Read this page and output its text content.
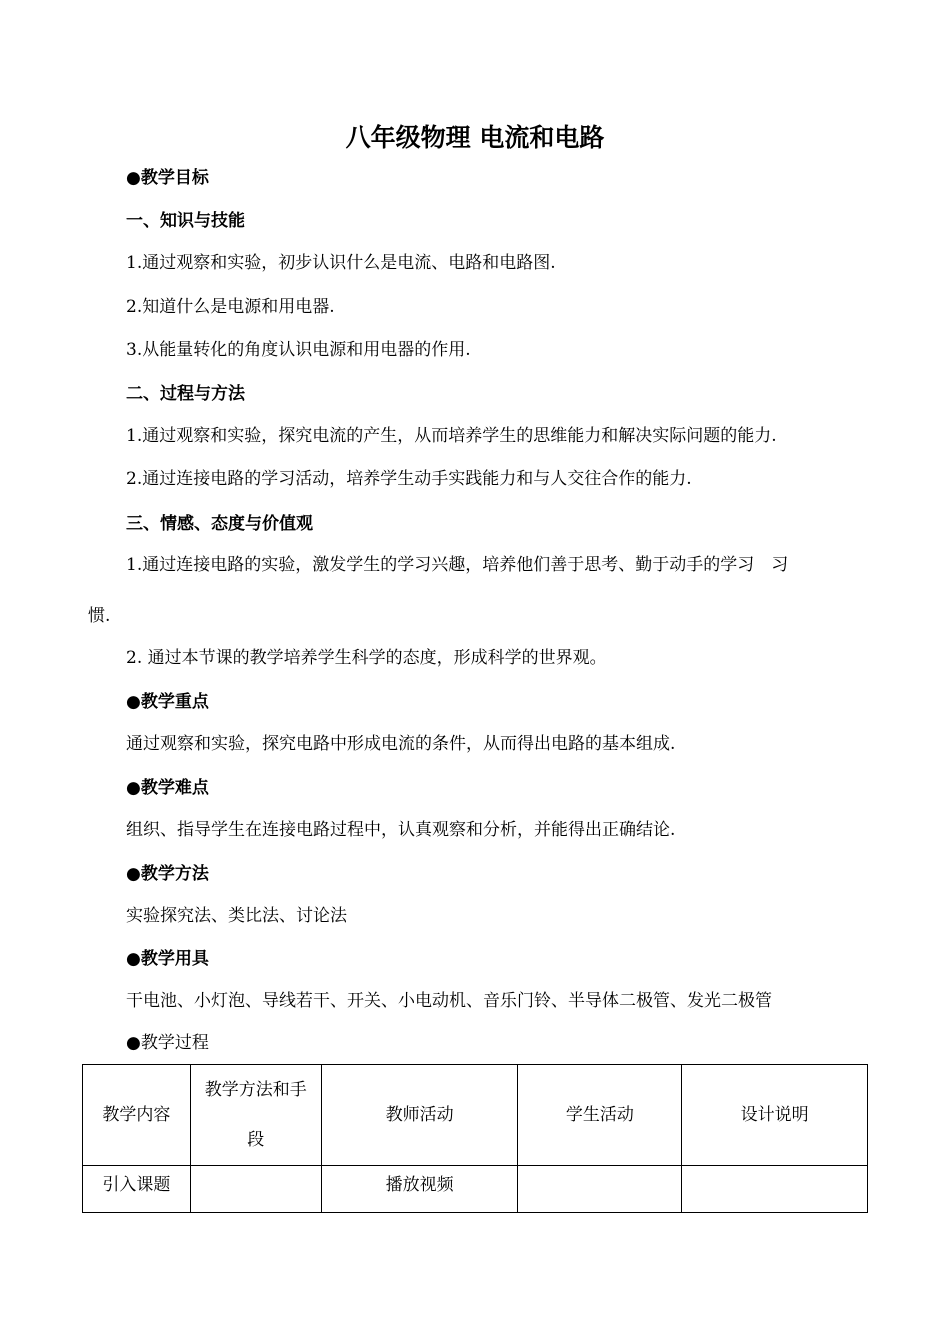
八年级物理 电流和电路
●教学目标
一、知识与技能
1.通过观察和实验，初步认识什么是电流、电路和电路图.
2.知道什么是电源和用电器.
3.从能量转化的角度认识电源和用电器的作用.
二、过程与方法
1.通过观察和实验，探究电流的产生，从而培养学生的思维能力和解决实际问题的能力.
2.通过连接电路的学习活动，培养学生动手实践能力和与人交往合作的能力.
三、情感、态度与价值观
1.通过连接电路的实验，激发学生的学习兴趣，培养他们善于思考、勤于动手的学习　习
惯.
2. 通过本节课的教学培养学生科学的态度，形成科学的世界观。
●教学重点
通过观察和实验，探究电路中形成电流的条件，从而得出电路的基本组成.
●教学难点
组织、指导学生在连接电路过程中，认真观察和分析，并能得出正确结论.
●教学方法
实验探究法、类比法、讨论法
●教学用具
干电池、小灯泡、导线若干、开关、小电动机、音乐门铃、半导体二极管、发光二极管
●教学过程
教学内容	教学方法和手段	教师活动	学生活动	设计说明
引入课题		播放视频		
